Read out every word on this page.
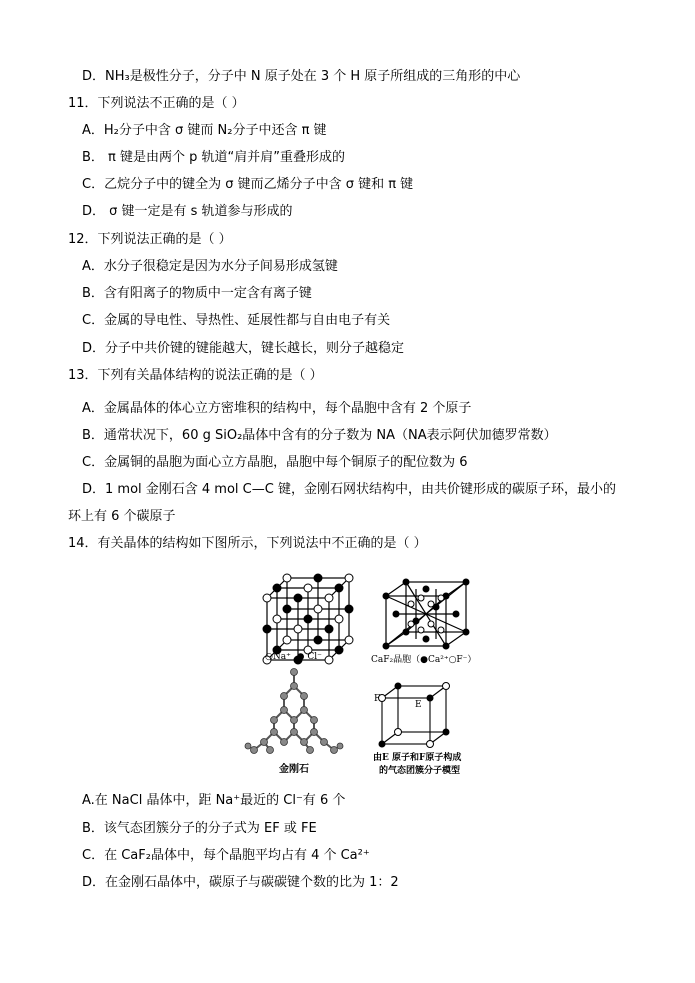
D．NH₃是极性分子，分子中 N 原子处在 3 个 H 原子所组成的三角形的中心
11．下列说法不正确的是（ ）
A．H₂分子中含 σ 键而 N₂分子中还含 π 键
B． π 键是由两个 p 轨道“肩并肩”重叠形成的
C．乙烷分子中的键全为 σ 键而乙烯分子中含 σ 键和 π 键
D． σ 键一定是有 s 轨道参与形成的
12．下列说法正确的是（ ）
A．水分子很稳定是因为水分子间易形成氢键
B．含有阳离子的物质中一定含有离子键
C．金属的导电性、导热性、延展性都与自由电子有关
D．分子中共价键的键能越大，键长越长，则分子越稳定
13．下列有关晶体结构的说法正确的是（ ）
A．金属晶体的体心立方密堆积的结构中，每个晶胞中含有 2 个原子
B．通常状况下，60 g SiO₂晶体中含有的分子数为 NA（NA表示阿伏加德罗常数）
C．金属铜的晶胞为面心立方晶胞，晶胞中每个铜原子的配位数为 6
D．1 mol 金刚石含 4 mol C—C 键，金刚石网状结构中，由共价键形成的碳原子环，最小的
环上有 6 个碳原子
14．有关晶体的结构如下图所示，下列说法中不正确的是（ ）
○Na⁺ ● Cl⁻	CaF₂晶胞（●Ca²⁺○F⁻）
金刚石
F
E
由E 原子和F原子构成
的气态团簇分子模型
A.在 NaCl 晶体中，距 Na⁺最近的 Cl⁻有 6 个
B．该气态团簇分子的分子式为 EF 或 FE
C．在 CaF₂晶体中，每个晶胞平均占有 4 个 Ca²⁺
D．在金刚石晶体中，碳原子与碳碳键个数的比为 1：2
